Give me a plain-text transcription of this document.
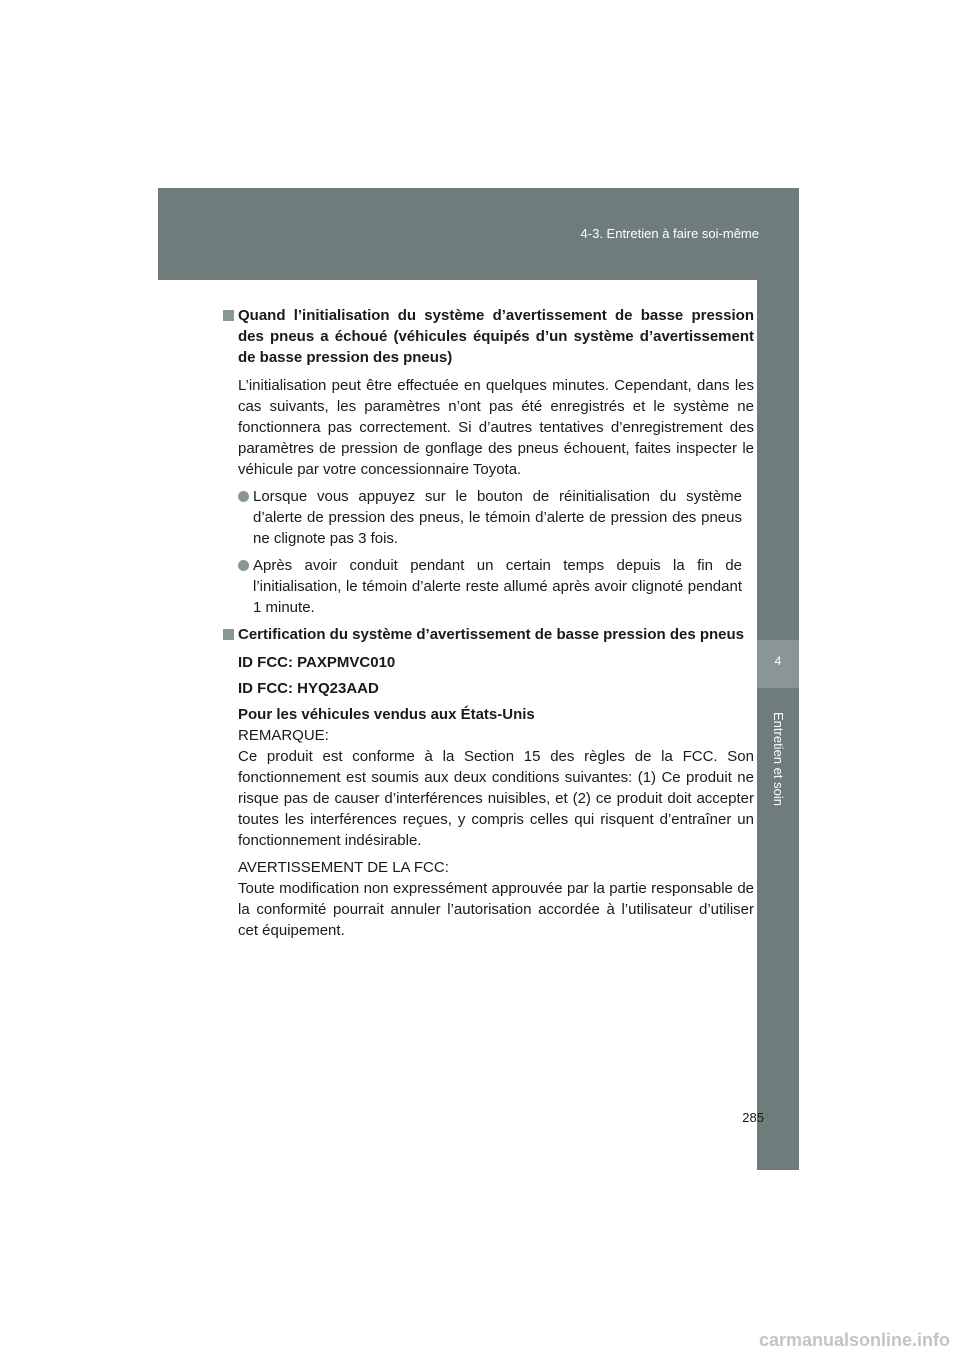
4-3. Entretien à faire soi-même
4
Entretien et soin
Quand l’initialisation du système d’avertissement de basse pression des pneus a échoué (véhicules équipés d’un système d’avertissement de basse pression des pneus)

L’initialisation peut être effectuée en quelques minutes. Cependant, dans les cas suivants, les paramètres n’ont pas été enregistrés et le système ne fonctionnera pas correctement. Si d’autres tentatives d’enregistrement des paramètres de pression de gonflage des pneus échouent, faites inspecter le véhicule par votre concessionnaire Toyota.

Lorsque vous appuyez sur le bouton de réinitialisation du système d’alerte de pression des pneus, le témoin d’alerte de pression des pneus ne clignote pas 3 fois.
Après avoir conduit pendant un certain temps depuis la fin de l’initialisation, le témoin d’alerte reste allumé après avoir clignoté pendant 1 minute.
Certification du système d’avertissement de basse pression des pneus

ID FCC: PAXPMVC010

ID FCC: HYQ23AAD

Pour les véhicules vendus aux États-Unis

REMARQUE:

Ce produit est conforme à la Section 15 des règles de la FCC. Son fonctionnement est soumis aux deux conditions suivantes: (1) Ce produit ne risque pas de causer d’interférences nuisibles, et (2) ce produit doit accepter toutes les interférences reçues, y compris celles qui risquent d’entraîner un fonctionnement indésirable.

AVERTISSEMENT DE LA FCC:

Toute modification non expressément approuvée par la partie responsable de la conformité pourrait annuler l’autorisation accordée à l’utilisateur d’utiliser cet équipement.

285
carmanualsonline.info
